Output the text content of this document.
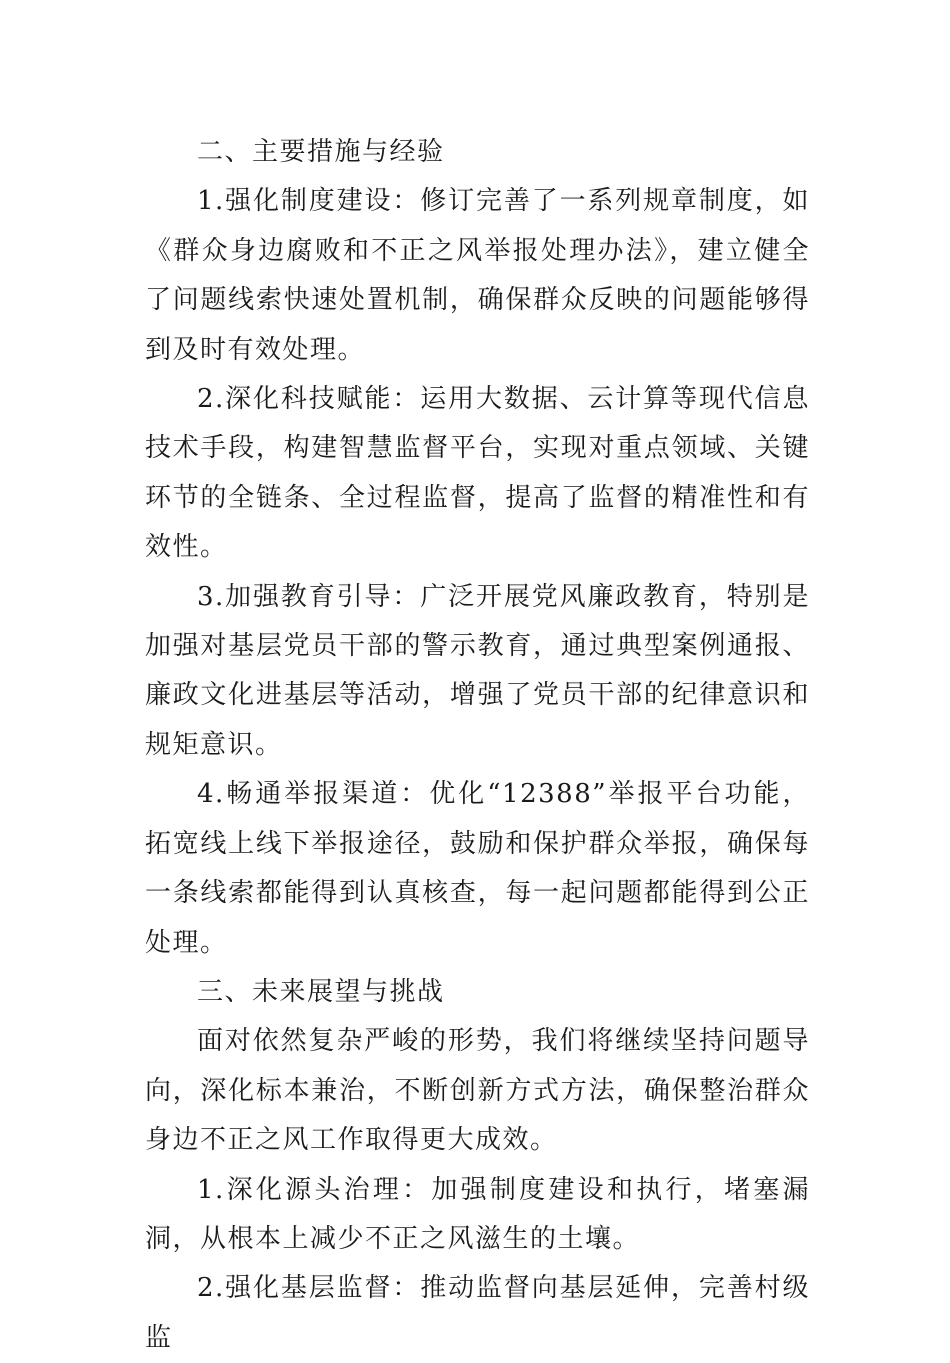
二、主要措施与经验

1.强化制度建设：修订完善了一系列规章制度，如《群众身边腐败和不正之风举报处理办法》，建立健全了问题线索快速处置机制，确保群众反映的问题能够得到及时有效处理。

2.深化科技赋能：运用大数据、云计算等现代信息技术手段，构建智慧监督平台，实现对重点领域、关键环节的全链条、全过程监督，提高了监督的精准性和有效性。

3.加强教育引导：广泛开展党风廉政教育，特别是加强对基层党员干部的警示教育，通过典型案例通报、廉政文化进基层等活动，增强了党员干部的纪律意识和规矩意识。

4.畅通举报渠道：优化“12388”举报平台功能，拓宽线上线下举报途径，鼓励和保护群众举报，确保每一条线索都能得到认真核查，每一起问题都能得到公正处理。

三、未来展望与挑战

面对依然复杂严峻的形势，我们将继续坚持问题导向，深化标本兼治，不断创新方式方法，确保整治群众身边不正之风工作取得更大成效。

1.深化源头治理：加强制度建设和执行，堵塞漏洞，从根本上减少不正之风滋生的土壤。

2.强化基层监督：推动监督向基层延伸，完善村级监
